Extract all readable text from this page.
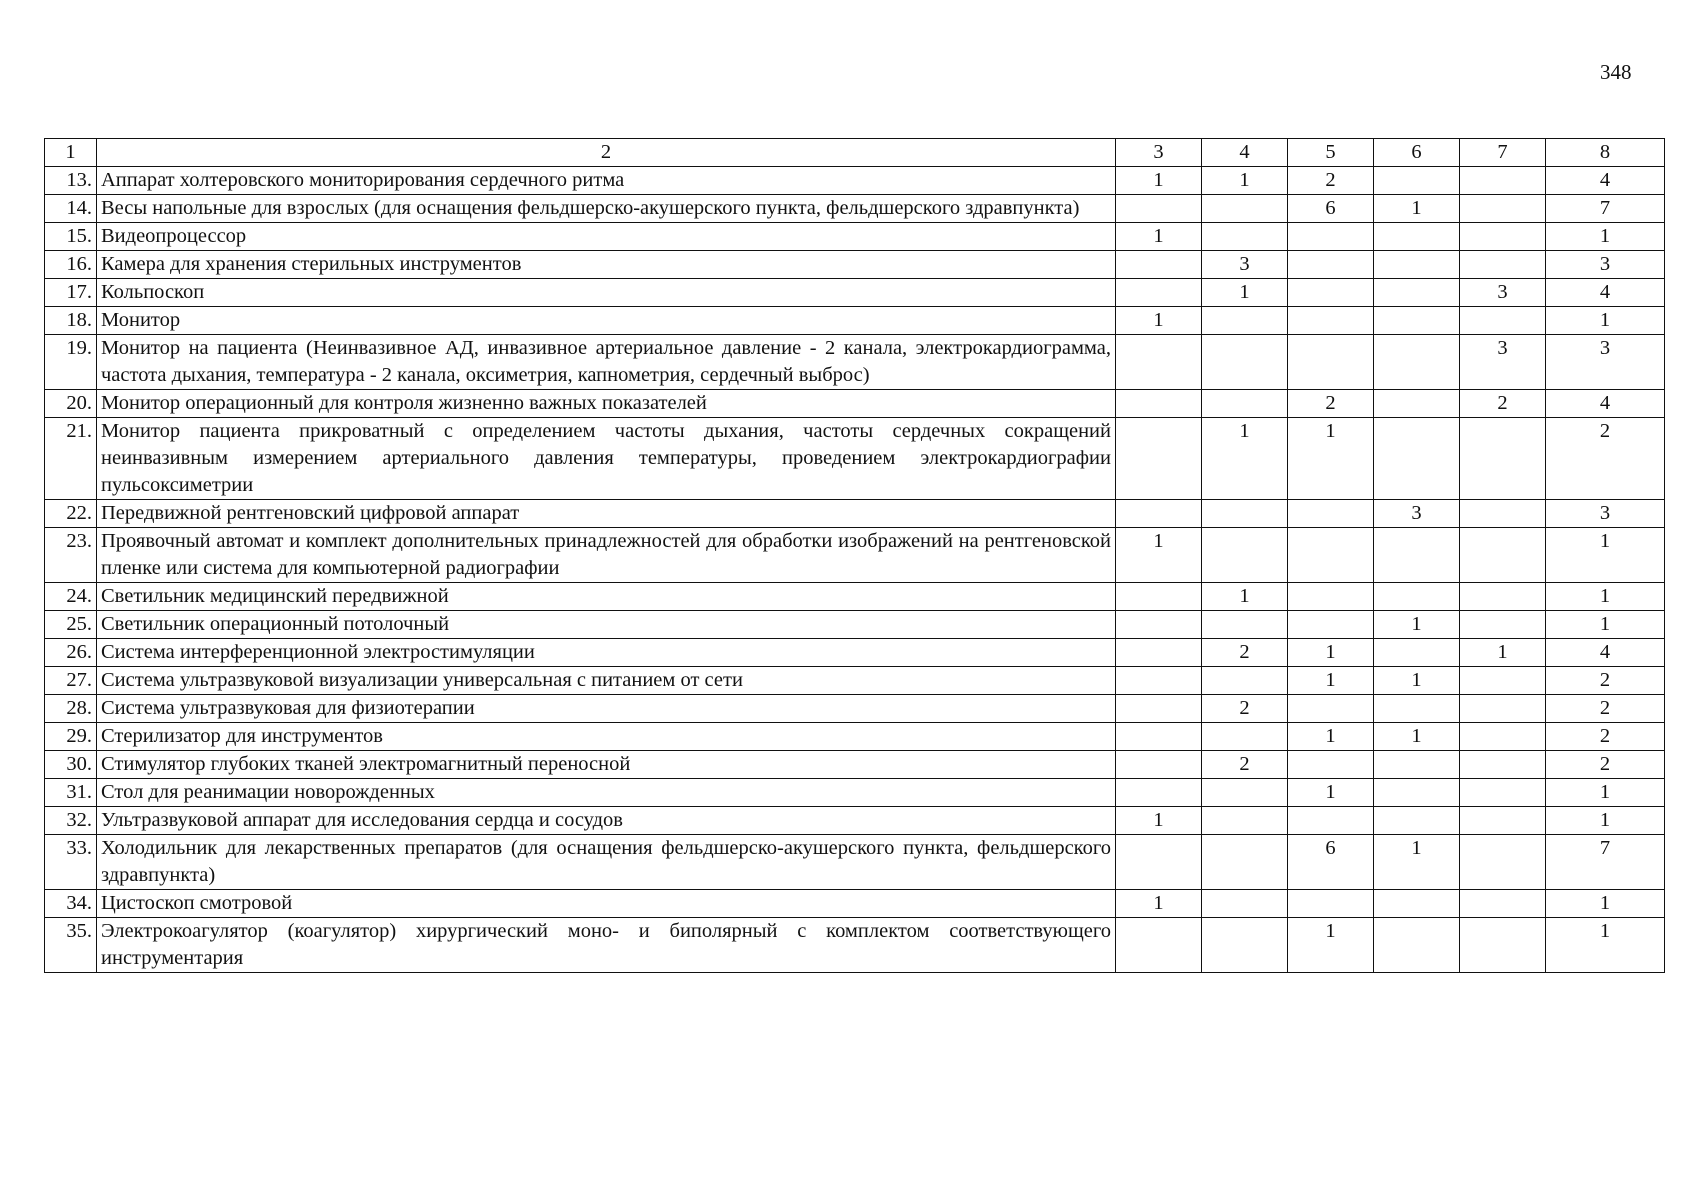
348
1	2	3	4	5	6	7	8
13.	Аппарат холтеровского мониторирования сердечного ритма	1	1	2			4
14.	Весы напольные для взрослых (для оснащения фельдшерско-акушерского пункта, фельдшерского здравпункта)			6	1		7
15.	Видеопроцессор	1					1
16.	Камера для хранения стерильных инструментов		3				3
17.	Кольпоскоп		1			3	4
18.	Монитор	1					1
19.	Монитор на пациента (Неинвазивное АД, инвазивное артериальное давление - 2 канала, электрокардиограмма, частота дыхания, температура - 2 канала, оксиметрия, капнометрия, сердечный выброс)					3	3
20.	Монитор операционный для контроля жизненно важных показателей			2		2	4
21.	Монитор пациента прикроватный с определением частоты дыхания, частоты сердечных сокращений неинвазивным измерением артериального давления температуры, проведением электрокардиографии пульсоксиметрии		1	1			2
22.	Передвижной рентгеновский цифровой аппарат				3		3
23.	Проявочный автомат и комплект дополнительных принадлежностей для обработки изображений на рентгеновской пленке или система для компьютерной радиографии	1					1
24.	Светильник медицинский передвижной		1				1
25.	Светильник операционный потолочный				1		1
26.	Система интерференционной электростимуляции		2	1		1	4
27.	Система ультразвуковой визуализации универсальная с питанием от сети			1	1		2
28.	Система ультразвуковая для физиотерапии		2				2
29.	Стерилизатор для инструментов			1	1		2
30.	Стимулятор глубоких тканей электромагнитный переносной		2				2
31.	Стол для реанимации новорожденных			1			1
32.	Ультразвуковой аппарат для исследования сердца и сосудов	1					1
33.	Холодильник для лекарственных препаратов (для оснащения фельдшерско-акушерского пункта, фельдшерского здравпункта)			6	1		7
34.	Цистоскоп смотровой	1					1
35.	Электрокоагулятор (коагулятор) хирургический моно- и биполярный с комплектом соответствующего инструментария			1			1
